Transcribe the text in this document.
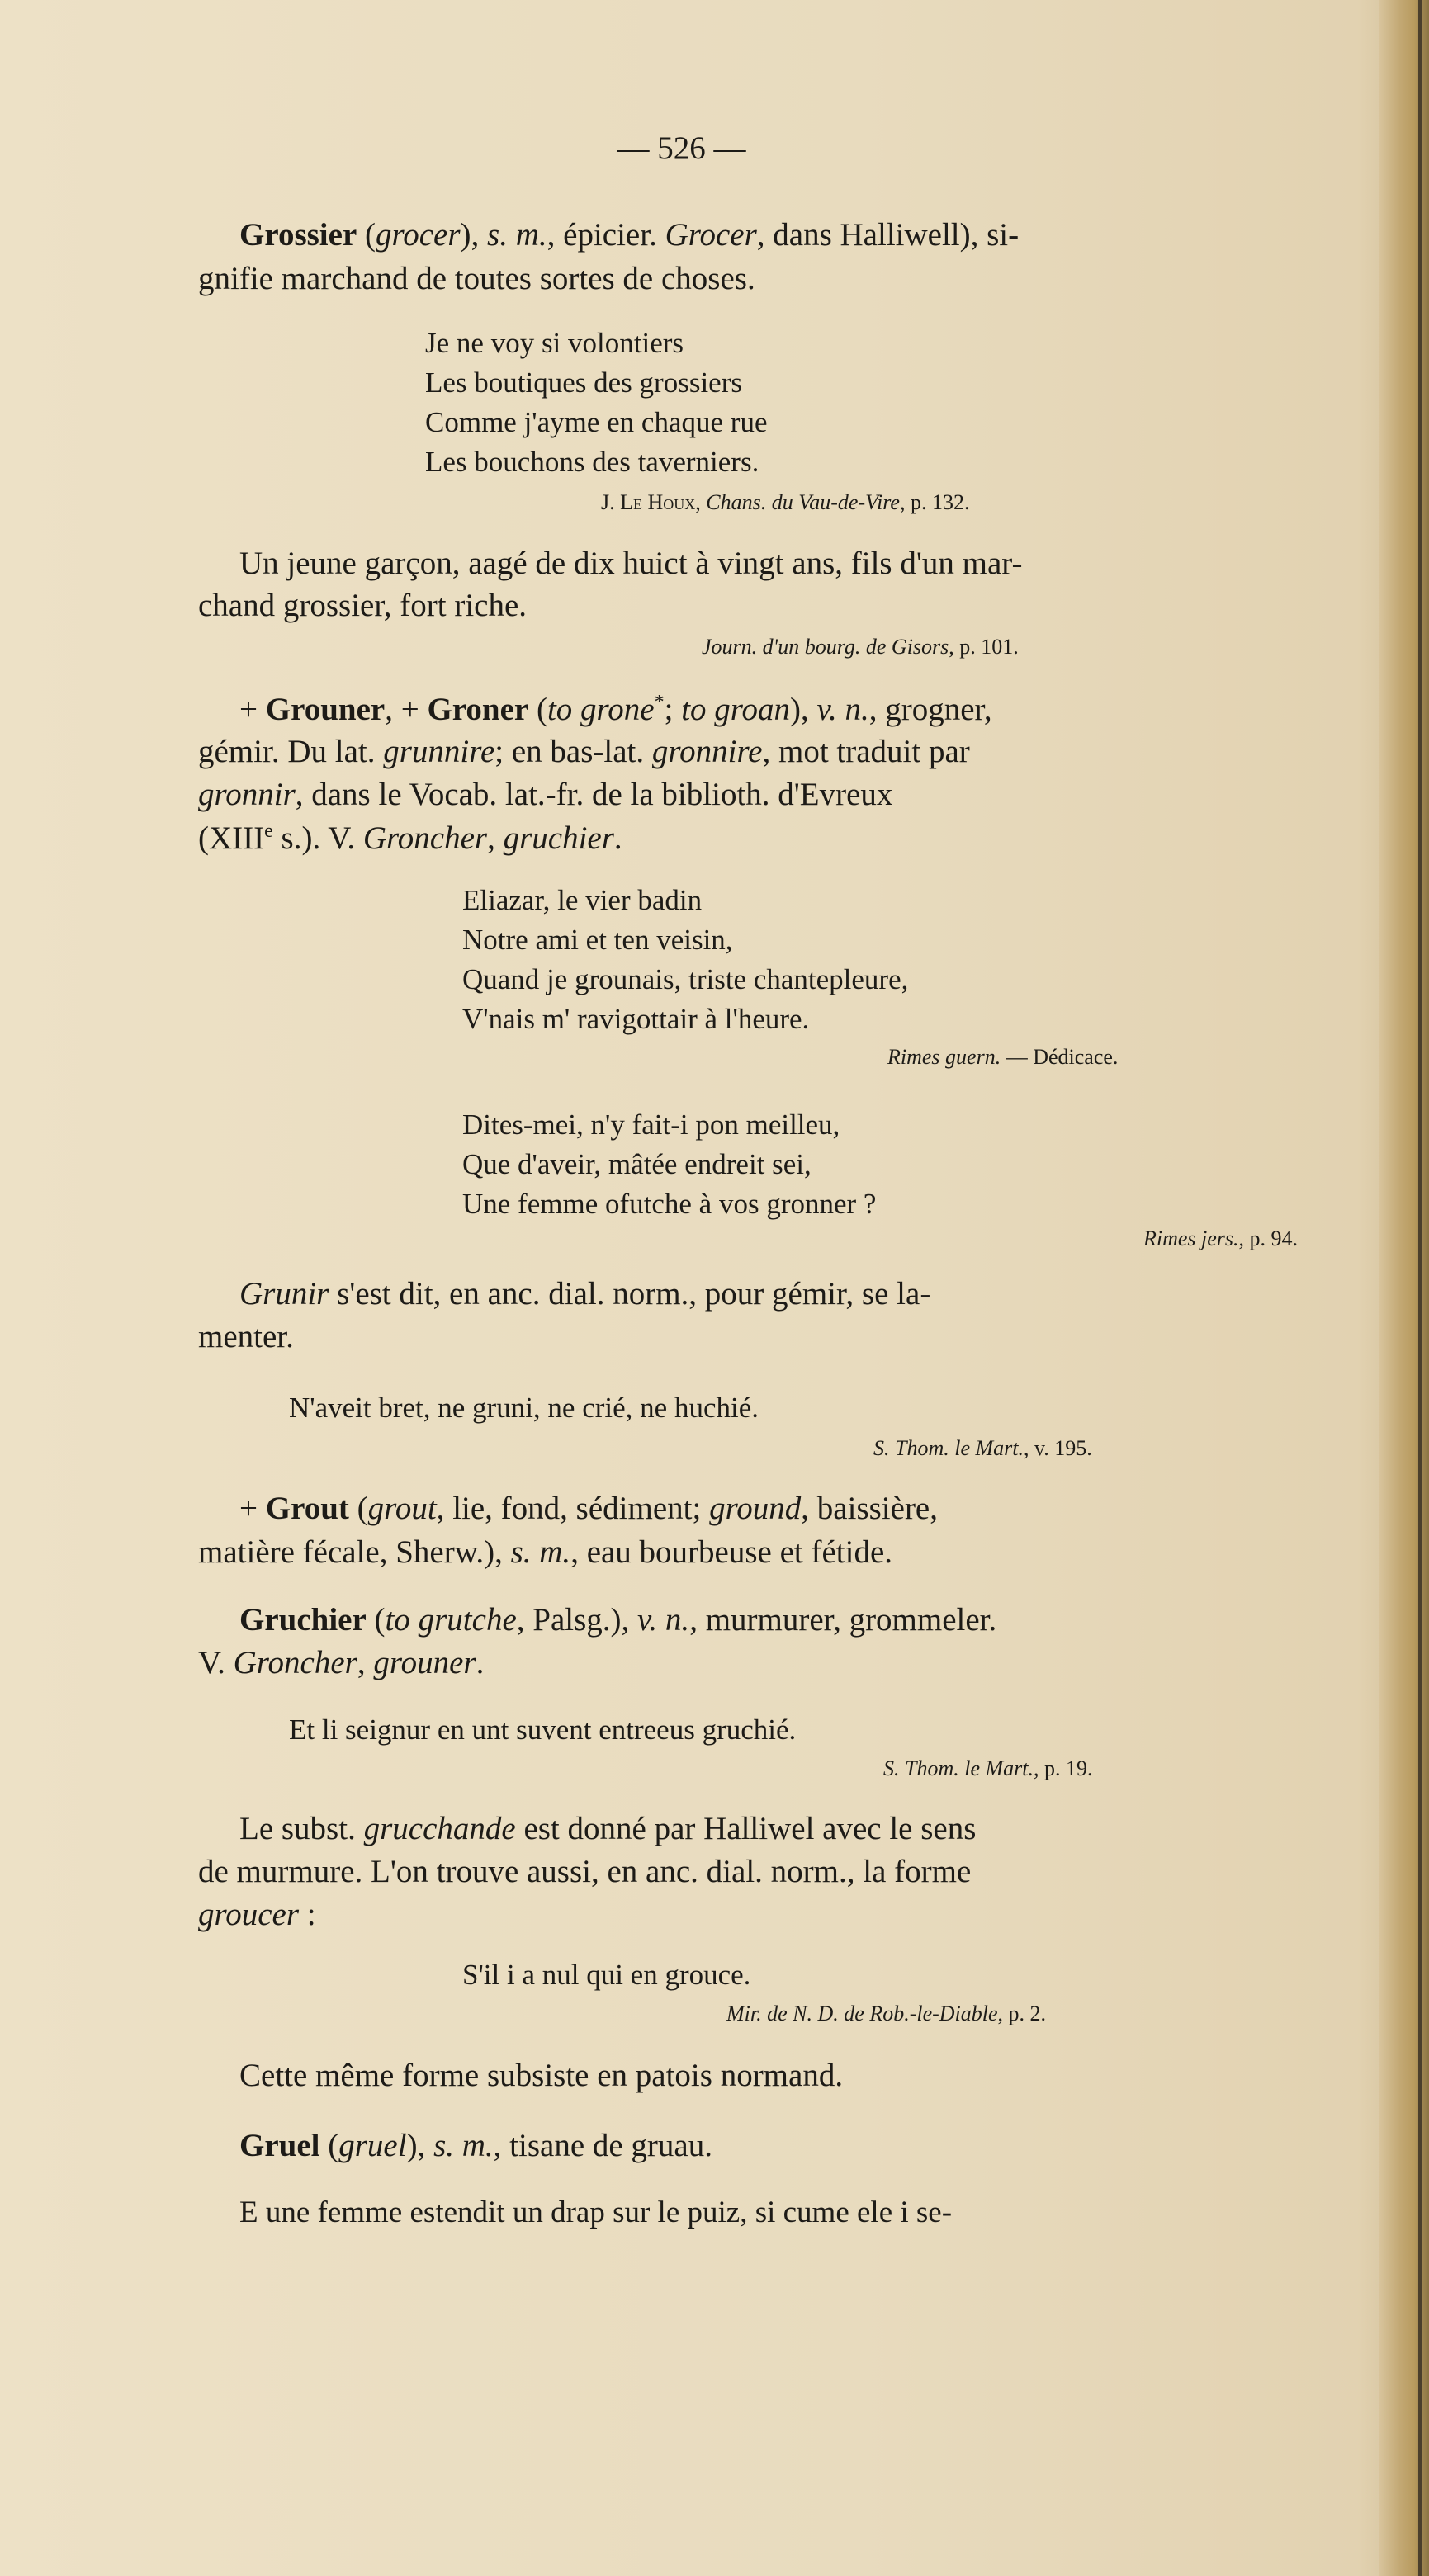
— 526 —
Grossier (grocer), s. m., épicier. Grocer, dans Halliwell), si-
gnifie marchand de toutes sortes de choses.
Je ne voy si volontiers
Les boutiques des grossiers
Comme j'ayme en chaque rue
Les bouchons des taverniers.
J. Le Houx, Chans. du Vau-de-Vire, p. 132.
Un jeune garçon, aagé de dix huict à vingt ans, fils d'un mar-
chand grossier, fort riche.
Journ. d'un bourg. de Gisors, p. 101.
+ Grouner, + Groner (to grone*; to groan), v. n., grogner,
gémir. Du lat. grunnire; en bas-lat. gronnire, mot traduit par
gronnir, dans le Vocab. lat.-fr. de la biblioth. d'Evreux
(XIIIe s.). V. Groncher, gruchier.
Eliazar, le vier badin
Notre ami et ten veisin,
Quand je grounais, triste chantepleure,
V'nais m' ravigottair à l'heure.
Rimes guern. — Dédicace.
Dites-mei, n'y fait-i pon meilleu,
Que d'aveir, mâtée endreit sei,
Une femme ofutche à vos gronner ?
Rimes jers., p. 94.
Grunir s'est dit, en anc. dial. norm., pour gémir, se la-
menter.
N'aveit bret, ne gruni, ne crié, ne huchié.
S. Thom. le Mart., v. 195.
+ Grout (grout, lie, fond, sédiment; ground, baissière,
matière fécale, Sherw.), s. m., eau bourbeuse et fétide.
Gruchier (to grutche, Palsg.), v. n., murmurer, grommeler.
V. Groncher, grouner.
Et li seignur en unt suvent entreeus gruchié.
S. Thom. le Mart., p. 19.
Le subst. grucchande est donné par Halliwel avec le sens
de murmure. L'on trouve aussi, en anc. dial. norm., la forme
groucer :
S'il i a nul qui en grouce.
Mir. de N. D. de Rob.-le-Diable, p. 2.
Cette même forme subsiste en patois normand.
Gruel (gruel), s. m., tisane de gruau.
E une femme estendit un drap sur le puiz, si cume ele i se-
